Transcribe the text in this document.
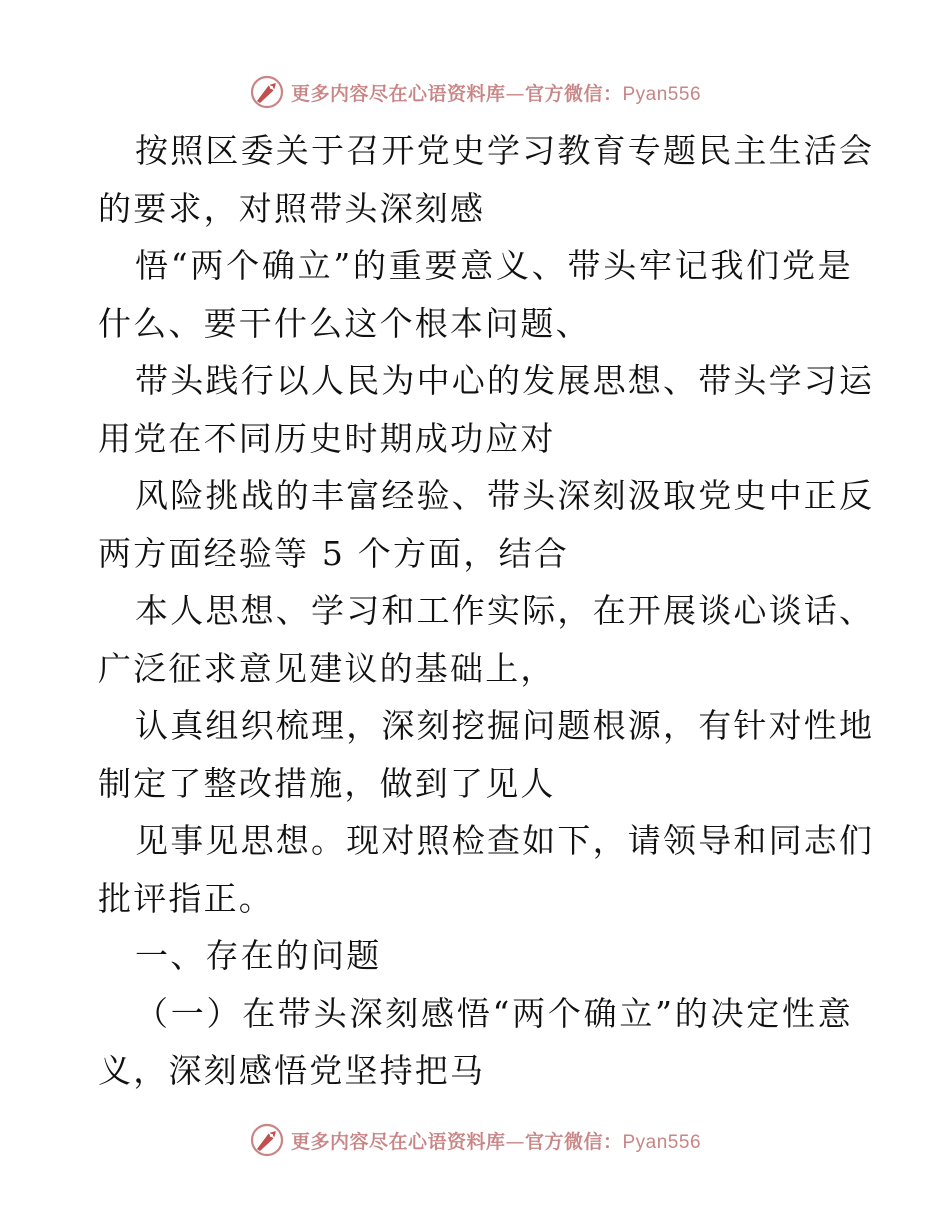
更多内容尽在心语资料库—官方微信：Pyan556
按照区委关于召开党史学习教育专题民主生活会
的要求，对照带头深刻感
悟“两个确立”的重要意义、带头牢记我们党是
什么、要干什么这个根本问题、
带头践行以人民为中心的发展思想、带头学习运
用党在不同历史时期成功应对
风险挑战的丰富经验、带头深刻汲取党史中正反
两方面经验等 5 个方面，结合
本人思想、学习和工作实际，在开展谈心谈话、
广泛征求意见建议的基础上，
认真组织梳理，深刻挖掘问题根源，有针对性地
制定了整改措施，做到了见人
见事见思想。现对照检查如下，请领导和同志们
批评指正。
一、存在的问题
（一）在带头深刻感悟“两个确立”的决定性意
义，深刻感悟党坚持把马
更多内容尽在心语资料库—官方微信：Pyan556
